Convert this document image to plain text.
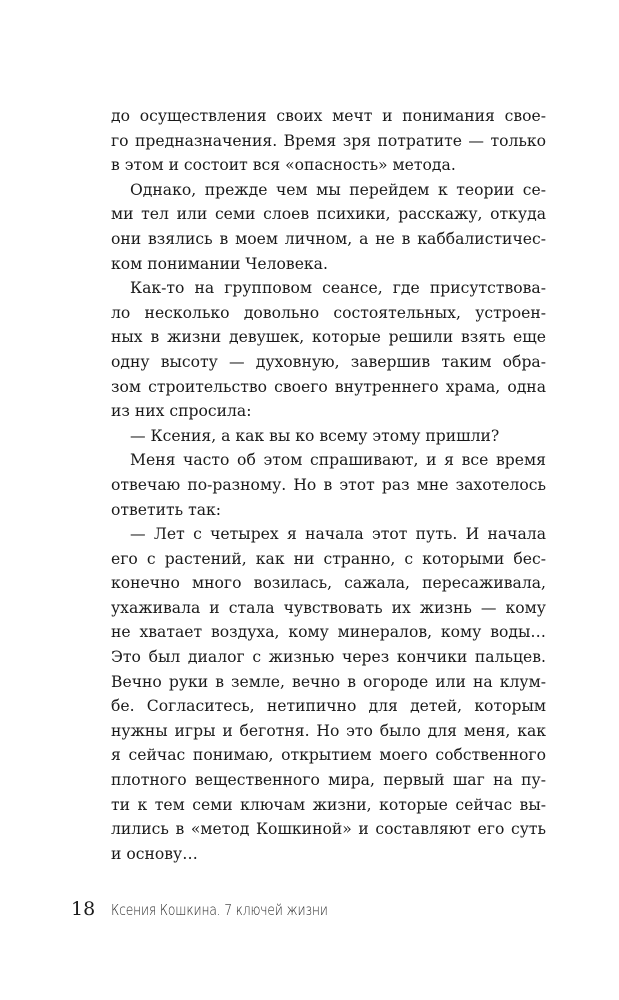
до осуществления своих мечт и понимания свое-
го предназначения. Время зря потратите — только
в этом и состоит вся «опасность» метода.
Однако, прежде чем мы перейдем к теории се-
ми тел или семи слоев психики, расскажу, откуда
они взялись в моем личном, а не в каббалистичес-
ком понимании Человека.
Как-то на групповом сеансе, где присутствова-
ло несколько довольно состоятельных, устроен-
ных в жизни девушек, которые решили взять еще
одну высоту — духовную, завершив таким обра-
зом строительство своего внутреннего храма, одна
из них спросила:
— Ксения, а как вы ко всему этому пришли?
Меня часто об этом спрашивают, и я все время
отвечаю по-разному. Но в этот раз мне захотелось
ответить так:
— Лет с четырех я начала этот путь. И начала
его с растений, как ни странно, с которыми бес-
конечно много возилась, сажала, пересаживала,
ухаживала и стала чувствовать их жизнь — кому
не хватает воздуха, кому минералов, кому воды…
Это был диалог с жизнью через кончики пальцев.
Вечно руки в земле, вечно в огороде или на клум-
бе. Согласитесь, нетипично для детей, которым
нужны игры и беготня. Но это было для меня, как
я сейчас понимаю, открытием моего собственного
плотного вещественного мира, первый шаг на пу-
ти к тем семи ключам жизни, которые сейчас вы-
лились в «метод Кошкиной» и составляют его суть
и основу…
18	Ксения Кошкина. 7 ключей жизни
